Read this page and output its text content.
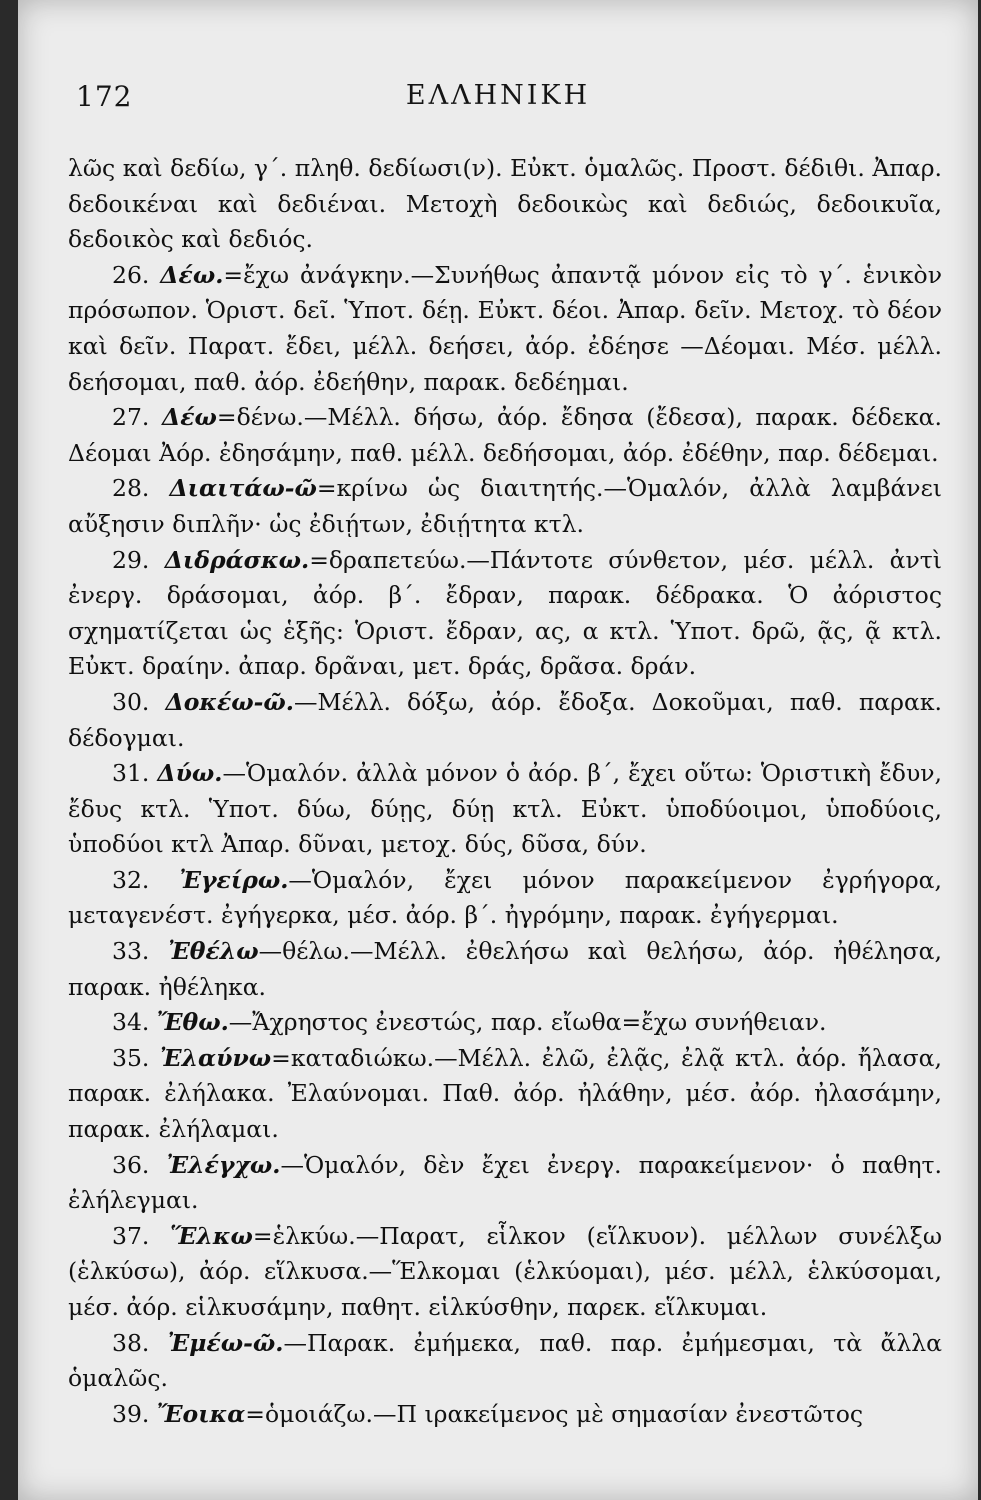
172	ΕΛΛΗΝΙΚΗ

λῶς καὶ δεδίω, γ΄. πληθ. δεδίωσι(ν). Εὐκτ. ὁμαλῶς. Προστ. δέδιθι. Ἀπαρ. δεδοικέναι καὶ δεδιέναι. Μετοχὴ δεδοικὼς καὶ δεδιώς, δεδοικυῖα, δεδοικὸς καὶ δεδιός.

26. Δέω.=ἔχω ἀνάγκην.—Συνήθως ἀπαντᾷ μόνον εἰς τὸ γ΄. ἑνικὸν πρόσωπον. Ὁριστ. δεῖ. Ὑποτ. δέῃ. Εὐκτ. δέοι. Ἀπαρ. δεῖν. Μετοχ. τὸ δέον καὶ δεῖν. Παρατ. ἔδει, μέλλ. δεήσει, ἀόρ. ἐδέησε —Δέομαι. Μέσ. μέλλ. δεήσομαι, παθ. ἀόρ. ἐδεήθην, παρακ. δεδέημαι.

27. Δέω=δένω.—Μέλλ. δήσω, ἀόρ. ἔδησα (ἔδεσα), παρακ. δέδεκα. Δέομαι Ἀόρ. ἐδησάμην, παθ. μέλλ. δεδήσομαι, ἀόρ. ἐδέθην, παρ. δέδεμαι.

28. Διαιτάω-ῶ=κρίνω ὡς διαιτητής.—Ὁμαλόν, ἀλλὰ λαμβάνει αὔξησιν διπλῆν· ὡς ἐδιῄτων, ἐδιῄτητα κτλ.

29. Διδράσκω.=δραπετεύω.—Πάντοτε σύνθετον, μέσ. μέλλ. ἀντὶ ἐνεργ. δράσομαι, ἀόρ. β΄. ἔδραν, παρακ. δέδρακα. Ὁ ἀόριστος σχηματίζεται ὡς ἑξῆς: Ὁριστ. ἔδραν, ας, α κτλ. Ὑποτ. δρῶ, ᾷς, ᾷ κτλ. Εὐκτ. δραίην. ἀπαρ. δρᾶναι, μετ. δράς, δρᾶσα. δράν.

30. Δοκέω-ῶ.—Μέλλ. δόξω, ἀόρ. ἔδοξα. Δοκοῦμαι, παθ. παρακ. δέδογμαι.

31. Δύω.—Ὁμαλόν. ἀλλὰ μόνον ὁ ἀόρ. β΄, ἔχει οὕτω: Ὁριστικὴ ἔδυν, ἔδυς κτλ. Ὑποτ. δύω, δύῃς, δύῃ κτλ. Εὐκτ. ὑποδύοιμοι, ὑποδύοις, ὑποδύοι κτλ Ἀπαρ. δῦναι, μετοχ. δύς, δῦσα, δύν.

32. Ἐγείρω.—Ὁμαλόν, ἔχει μόνον παρακείμενον ἐγρήγορα, μεταγενέστ. ἐγήγερκα, μέσ. ἀόρ. β΄. ἠγρόμην, παρακ. ἐγήγερμαι.

33. Ἐθέλω—θέλω.—Μέλλ. ἐθελήσω καὶ θελήσω, ἀόρ. ἠθέλησα, παρακ. ἠθέληκα.

34. Ἔθω.—Ἄχρηστος ἐνεστώς, παρ. εἴωθα=ἔχω συνήθειαν.

35. Ἐλαύνω=καταδιώκω.—Μέλλ. ἐλῶ, ἐλᾷς, ἐλᾷ κτλ. ἀόρ. ἤλασα, παρακ. ἐλήλακα. Ἐλαύνομαι. Παθ. ἀόρ. ἠλάθην, μέσ. ἀόρ. ἠλασάμην, παρακ. ἐλήλαμαι.

36. Ἐλέγχω.—Ὁμαλόν, δὲν ἔχει ἐνεργ. παρακείμενον· ὁ παθητ. ἐλήλεγμαι.

37. Ἕλκω=ἑλκύω.—Παρατ, εἷλκον (εἵλκυον). μέλλων συνέλξω (ἑλκύσω), ἀόρ. εἵλκυσα.—Ἕλκομαι (ἑλκύομαι), μέσ. μέλλ, ἑλκύσομαι, μέσ. ἀόρ. εἱλκυσάμην, παθητ. εἱλκύσθην, παρεκ. εἵλκυμαι.

38. Ἐμέω-ῶ.—Παρακ. ἐμήμεκα, παθ. παρ. ἐμήμεσμαι, τὰ ἄλλα ὁμαλῶς.

39. Ἔοικα=ὁμοιάζω.—Π ιρακείμενος μὲ σημασίαν ἐνεστῶτος
